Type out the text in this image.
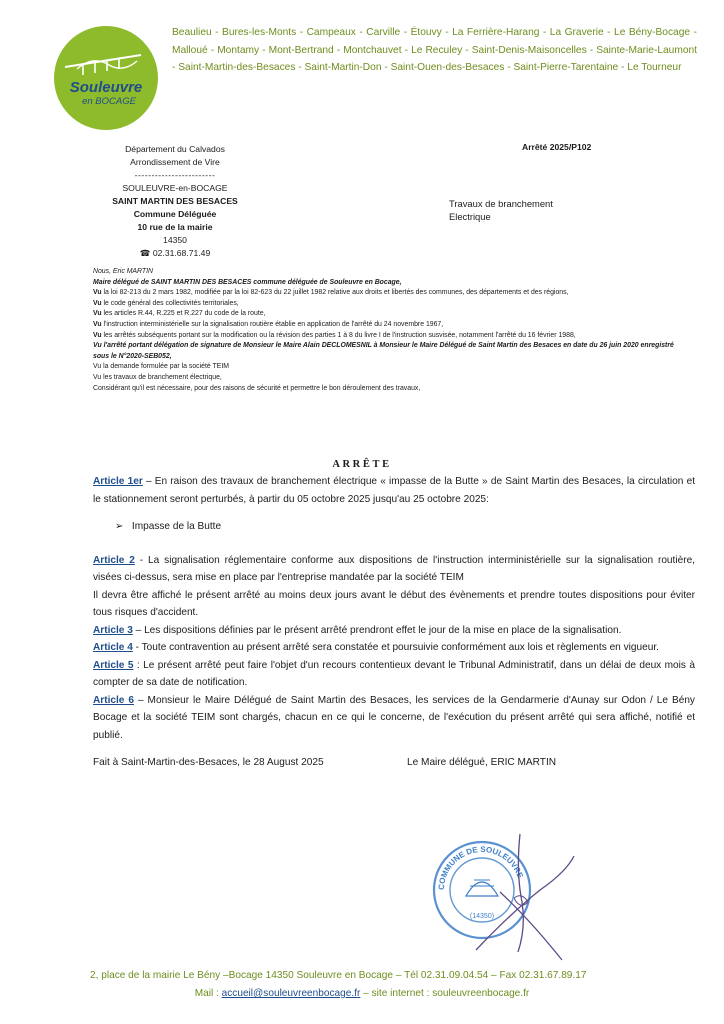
Souleuvre
en BOCAGE
Beaulieu - Bures-les-Monts - Campeaux - Carville - Étouvy - La Ferrière-Harang - La Graverie - Le Bény-Bocage - Malloué - Montamy - Mont-Bertrand - Montchauvet - Le Reculey - Saint-Denis-Maisoncelles - Sainte-Marie-Laumont - Saint-Martin-des-Besaces - Saint-Martin-Don - Saint-Ouen-des-Besaces - Saint-Pierre-Tarentaine - Le Tourneur
Département du Calvados
Arrondissement de Vire
------------------------
SOULEUVRE-en-BOCAGE
SAINT MARTIN DES BESACES
Commune Déléguée
10 rue de la mairie
14350
☎ 02.31.68.71.49
Arrêté 2025/P102
Travaux de branchement
Electrique

Nous, Eric MARTIN

Maire délégué de SAINT MARTIN DES BESACES commune déléguée de Souleuvre en Bocage,

Vu la loi 82-213 du 2 mars 1982, modifiée par la loi 82-623 du 22 juillet 1982 relative aux droits et libertés des communes, des départements et des régions,

Vu le code général des collectivités territoriales,

Vu les articles R.44, R.225 et R.227 du code de la route,

Vu l'instruction interministérielle sur la signalisation routière établie en application de l'arrêté du 24 novembre 1967,

Vu les arrêtés subséquents portant sur la modification ou la révision des parties 1 à 8 du livre I de l'instruction susvisée, notamment l'arrêté du 16 février 1988,

Vu l'arrêté portant délégation de signature de Monsieur le Maire Alain DECLOMESNIL à Monsieur le Maire Délégué de Saint Martin des Besaces en date du 26 juin 2020 enregistré sous le N°2020-SEB052,

Vu la demande formulée par la société TEIM

Vu les travaux de branchement électrique,

Considérant qu'il est nécessaire, pour des raisons de sécurité et permettre le bon déroulement des travaux,

ARRÊTE

Article 1er – En raison des travaux de branchement électrique « impasse de la Butte » de Saint Martin des Besaces, la circulation et le stationnement seront perturbés, à partir du 05 octobre 2025 jusqu'au 25 octobre 2025:

➢ Impasse de la Butte

Article 2 - La signalisation réglementaire conforme aux dispositions de l'instruction interministérielle sur la signalisation routière, visées ci-dessus, sera mise en place par l'entreprise mandatée par la société TEIM

Il devra être affiché le présent arrêté au moins deux jours avant le début des évènements et prendre toutes dispositions pour éviter tous risques d'accident.

Article 3 – Les dispositions définies par le présent arrêté prendront effet le jour de la mise en place de la signalisation.

Article 4 - Toute contravention au présent arrêté sera constatée et poursuivie conformément aux lois et règlements en vigueur.

Article 5 : Le présent arrêté peut faire l'objet d'un recours contentieux devant le Tribunal Administratif, dans un délai de deux mois à compter de sa date de notification.

Article 6 – Monsieur le Maire Délégué de Saint Martin des Besaces, les services de la Gendarmerie d'Aunay sur Odon / Le Bény Bocage et la société TEIM sont chargés, chacun en ce qui le concerne, de l'exécution du présent arrêté qui sera affiché, notifié et publié.

Fait à Saint-Martin-des-Besaces, le 28 August 2025	Le Maire délégué, ERIC MARTIN
COMMUNE DE SOULEUVRE
(14350)
2, place de la mairie Le Bény –Bocage 14350 Souleuvre en Bocage – Tél 02.31.09.04.54 – Fax 02.31.67.89.17
Mail : accueil@souleuvreenbocage.fr – site internet : souleuvreenbocage.fr
